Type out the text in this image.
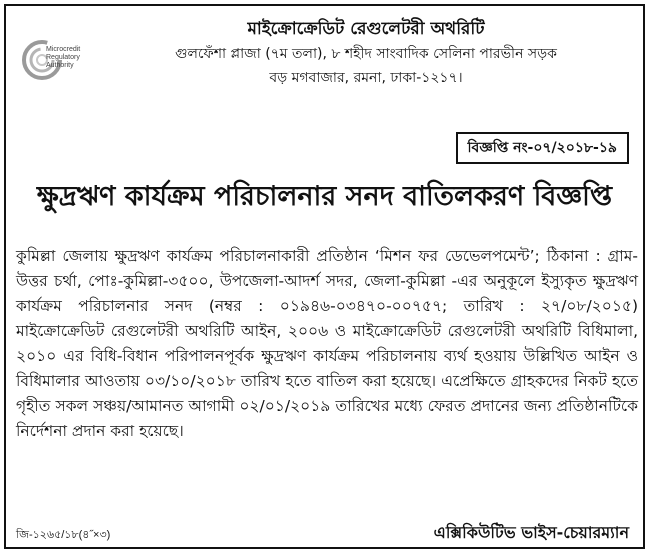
Microcredit
Regulatory
Authority
মাইক্রোক্রেডিট রেগুলেটরী অথরিটি
গুলফেঁশা প্লাজা (৭ম তলা), ৮ শহীদ সাংবাদিক সেলিনা পারভীন সড়ক
বড় মগবাজার, রমনা, ঢাকা-১২১৭।
বিজ্ঞপ্তি নং-০৭/২০১৮-১৯
ক্ষুদ্রঋণ কার্যক্রম পরিচালনার সনদ বাতিলকরণ বিজ্ঞপ্তি

কুমিল্লা জেলায় ক্ষুদ্রঋণ কার্যক্রম পরিচালনাকারী প্রতিষ্ঠান ‘মিশন ফর ডেভেলপমেন্ট’; ঠিকানা : গ্রাম-উত্তর চর্থা, পোঃ-কুমিল্লা-৩৫০০, উপজেলা-আদর্শ সদর, জেলা-কুমিল্লা -এর অনুকূলে ইস্যুকৃত ক্ষুদ্রঋণ কার্যক্রম পরিচালনার সনদ (নম্বর : ০১৯৪৬-০৩৪৭০-০০৭৫৭; তারিখ : ২৭/০৮/২০১৫) মাইক্রোক্রেডিট রেগুলেটরী অথরিটি আইন, ২০০৬ ও মাইক্রোক্রেডিট রেগুলেটরী অথরিটি বিধিমালা, ২০১০ এর বিধি-বিধান পরিপালনপূর্বক ক্ষুদ্রঋণ কার্যক্রম পরিচালনায় ব্যর্থ হওয়ায় উল্লিখিত আইন ও বিধিমালার আওতায় ০৩/১০/২০১৮ তারিখ হতে বাতিল করা হয়েছে। এপ্রেক্ষিতে গ্রাহকদের নিকট হতে গৃহীত সকল সঞ্চয়/আমানত আগামী ০২/০১/২০১৯ তারিখের মধ্যে ফেরত প্রদানের জন্য প্রতিষ্ঠানটিকে নির্দেশনা প্রদান করা হয়েছে।

জি-১২৬৫/১৮(৪˝×৩)	এক্সিকিউটিভ ভাইস-চেয়ারম্যান
